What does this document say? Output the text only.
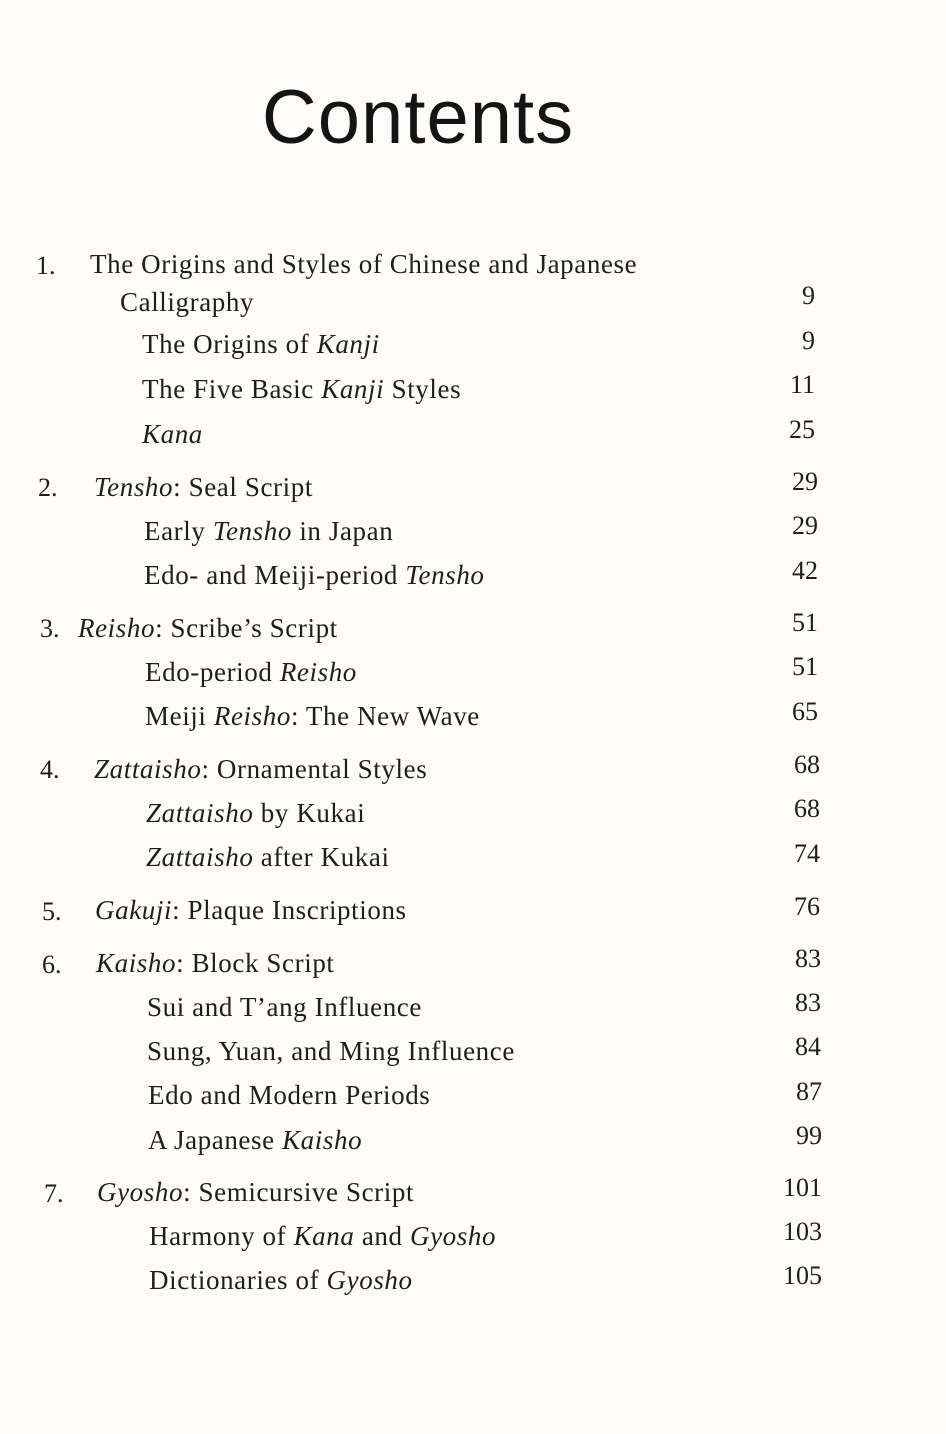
Contents
1. The Origins and Styles of Chinese and Japanese
Calligraphy	9
The Origins of Kanji	9
The Five Basic Kanji Styles	11
Kana	25
2. Tensho: Seal Script	29
Early Tensho in Japan	29
Edo- and Meiji-period Tensho	42
3. Reisho: Scribe’s Script	51
Edo-period Reisho	51
Meiji Reisho: The New Wave	65
4. Zattaisho: Ornamental Styles	68
Zattaisho by Kukai	68
Zattaisho after Kukai	74
5. Gakuji: Plaque Inscriptions	76
6. Kaisho: Block Script	83
Sui and T’ang Influence	83
Sung, Yuan, and Ming Influence	84
Edo and Modern Periods	87
A Japanese Kaisho	99
7. Gyosho: Semicursive Script	101
Harmony of Kana and Gyosho	103
Dictionaries of Gyosho	105
